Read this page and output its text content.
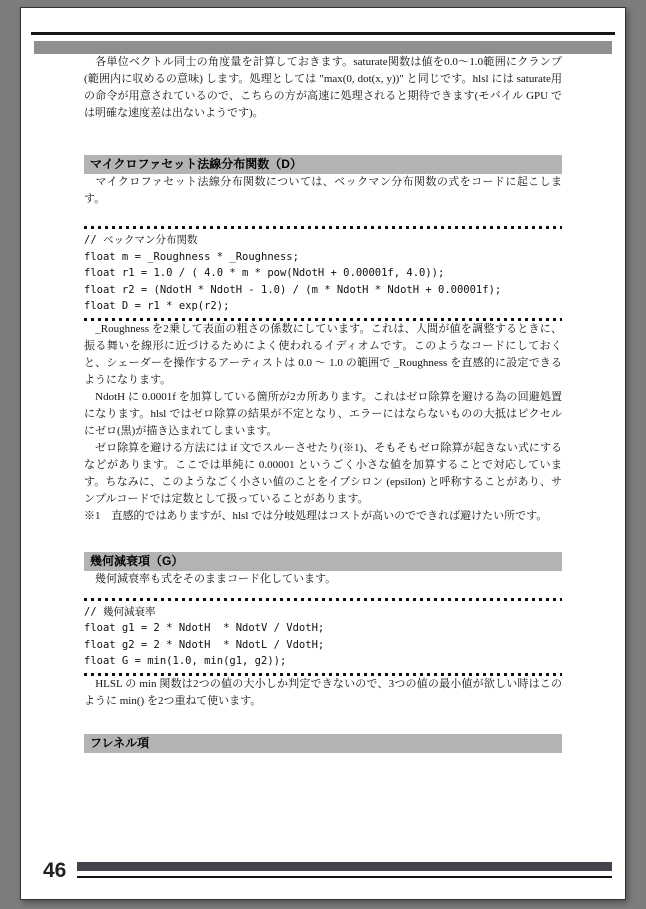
　各単位ベクトル同士の角度量を計算しておきます。saturate関数は値を0.0～1.0範囲にクランプ(範囲内に収めるの意味) します。処理としては "max(0, dot(x, y))" と同じです。hlsl には saturate用の命令が用意されているので、こちらの方が高速に処理されると期待できます(モバイル GPU では明確な速度差は出ないようです)。

マイクロファセット法線分布関数（D）

　マイクロファセット法線分布関数については、ベックマン分布関数の式をコードに起こします。

// ベックマン分布関数
float m = _Roughness * _Roughness;
float r1 = 1.0 / ( 4.0 * m * pow(NdotH + 0.00001f, 4.0));
float r2 = (NdotH * NdotH - 1.0) / (m * NdotH * NdotH + 0.00001f);
float D = r1 * exp(r2);

　_Roughness を2乗して表面の粗さの係数にしています。これは、人間が値を調整するときに、振る舞いを線形に近づけるためによく使われるイディオムです。このようなコードにしておくと、シェーダーを操作するアーティストは 0.0 ～ 1.0 の範囲で _Roughness を直感的に設定できるようになります。

　NdotH に 0.0001f を加算している箇所が2カ所あります。これはゼロ除算を避ける為の回避処置になります。hlsl ではゼロ除算の結果が不定となり、エラーにはならないものの大抵はピクセルにゼロ(黒)が描き込まれてしまいます。

　ゼロ除算を避ける方法には if 文でスルーさせたり(※1)、そもそもゼロ除算が起きない式にするなどがあります。ここでは単純に 0.00001 というごく小さな値を加算することで対応しています。ちなみに、このようなごく小さい値のことをイプシロン (epsilon) と呼称することがあり、サンプルコードでは定数として扱っていることがあります。

※1　直感的ではありますが、hlsl では分岐処理はコストが高いのでできれば避けたい所です。

幾何減衰項（G）

　幾何減衰率も式をそのままコード化しています。

// 幾何減衰率
float g1 = 2 * NdotH  * NdotV / VdotH;
float g2 = 2 * NdotH  * NdotL / VdotH;
float G = min(1.0, min(g1, g2));

　HLSL の min 関数は2つの値の大小しか判定できないので、3つの値の最小値が欲しい時はこのように min() を2つ重ねて使います。

フレネル項
46
